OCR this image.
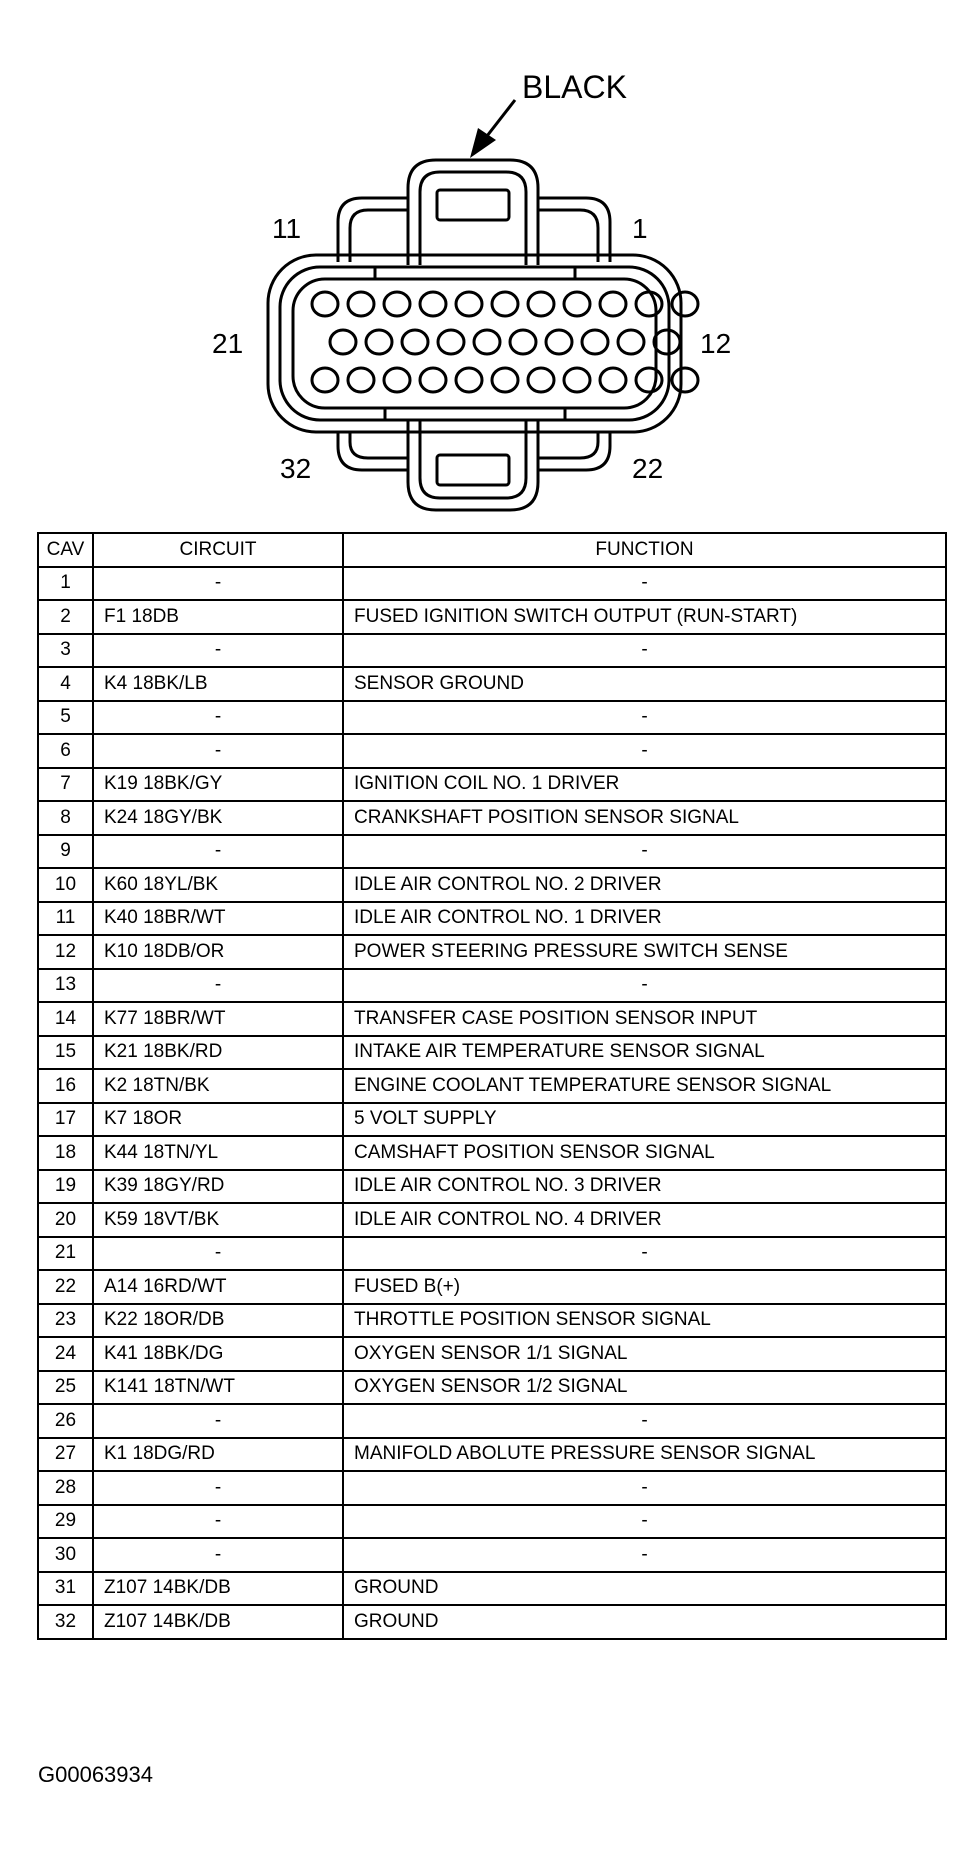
BLACK
11	1
21	12
32	22
CAV	CIRCUIT	FUNCTION
1	-	-
2	F1 18DB	FUSED IGNITION SWITCH OUTPUT (RUN-START)
3	-	-
4	K4 18BK/LB	SENSOR GROUND
5	-	-
6	-	-
7	K19 18BK/GY	IGNITION COIL NO. 1 DRIVER
8	K24 18GY/BK	CRANKSHAFT POSITION SENSOR SIGNAL
9	-	-
10	K60 18YL/BK	IDLE AIR CONTROL NO. 2 DRIVER
11	K40 18BR/WT	IDLE AIR CONTROL NO. 1 DRIVER
12	K10 18DB/OR	POWER STEERING PRESSURE SWITCH SENSE
13	-	-
14	K77 18BR/WT	TRANSFER CASE POSITION SENSOR INPUT
15	K21 18BK/RD	INTAKE AIR TEMPERATURE SENSOR SIGNAL
16	K2 18TN/BK	ENGINE COOLANT TEMPERATURE SENSOR SIGNAL
17	K7 18OR	5 VOLT SUPPLY
18	K44 18TN/YL	CAMSHAFT POSITION SENSOR SIGNAL
19	K39 18GY/RD	IDLE AIR CONTROL NO. 3 DRIVER
20	K59 18VT/BK	IDLE AIR CONTROL NO. 4 DRIVER
21	-	-
22	A14 16RD/WT	FUSED B(+)
23	K22 18OR/DB	THROTTLE POSITION SENSOR SIGNAL
24	K41 18BK/DG	OXYGEN SENSOR 1/1 SIGNAL
25	K141 18TN/WT	OXYGEN SENSOR 1/2 SIGNAL
26	-	-
27	K1 18DG/RD	MANIFOLD ABOLUTE PRESSURE SENSOR SIGNAL
28	-	-
29	-	-
30	-	-
31	Z107 14BK/DB	GROUND
32	Z107 14BK/DB	GROUND
G00063934
